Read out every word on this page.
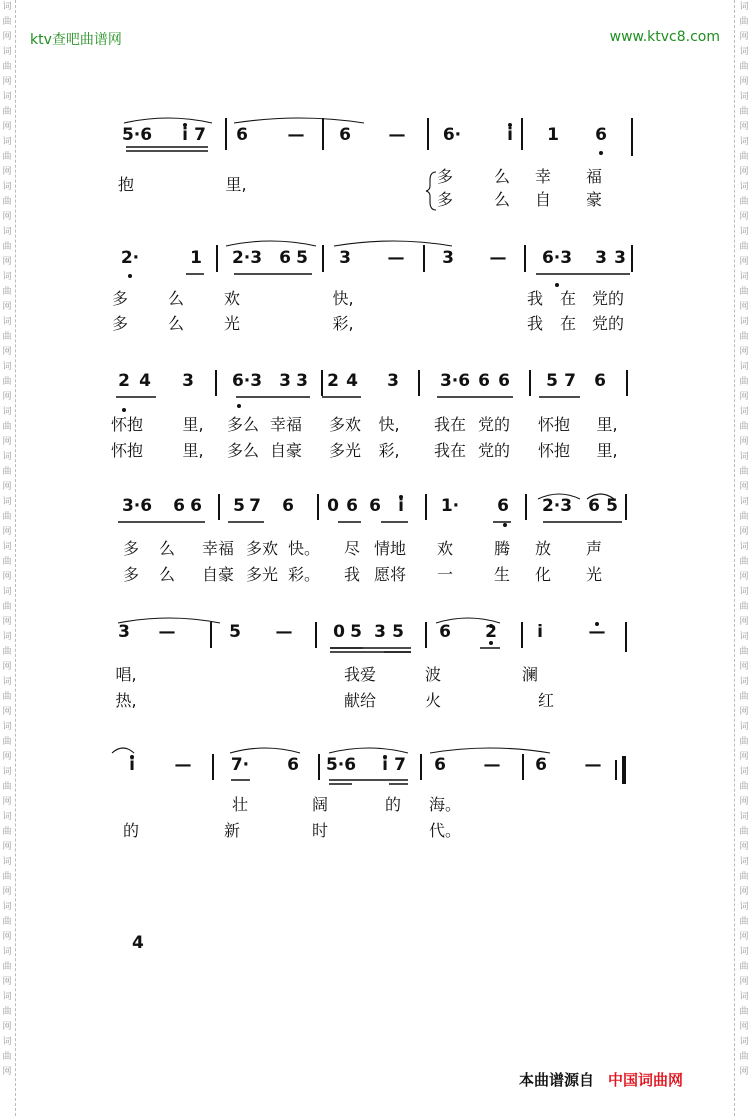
词曲网词曲网词曲网词曲网词曲网词曲网词曲网词曲网词曲网词曲网词曲网词曲网词曲网词曲网词曲网词曲网词曲网词曲网词曲网词曲网词曲网词曲网词曲网词曲网
词曲网词曲网词曲网词曲网词曲网词曲网词曲网词曲网词曲网词曲网词曲网词曲网词曲网词曲网词曲网词曲网词曲网词曲网词曲网词曲网词曲网词曲网词曲网词曲网
ktv查吧曲谱网	www.ktvc8.com
5·6 i 7 6 — 6 — 6·	i 1 6
2·	1 2·3 6 5 3 — 3 — 6·3 3 3
2 4 3 6·3 3 3 2 4 3 3·6 6 6 5 7 6
3·6 6 6 5 7 6 0 6 6 i 1· 6 2·3 6 5
3 —	5 — 0 5 3 5 6 2 i	—
i — 7· 6 5·6 i 7 6 — 6 —
抱	里,	多	么 幸 福
多	么 自 豪
多 么 欢	快,	我 在 党的
多 么 光	彩,	我 在 党的
怀抱 里, 多么 幸福 多欢 快, 我在 党的 怀抱 里,
怀抱 里, 多么 自豪 多光 彩, 我在 党的 怀抱 里,
多 么 幸福 多欢 快。 尽 情地 欢	腾 放 声
多 么 自豪 多光 彩。 我 愿将 一	生 化 光
唱,	我爱	波	澜
热,	献给	火	红
壮	阔	的 海。
的	新	时	代。
4
本曲谱源自 中国词曲网
